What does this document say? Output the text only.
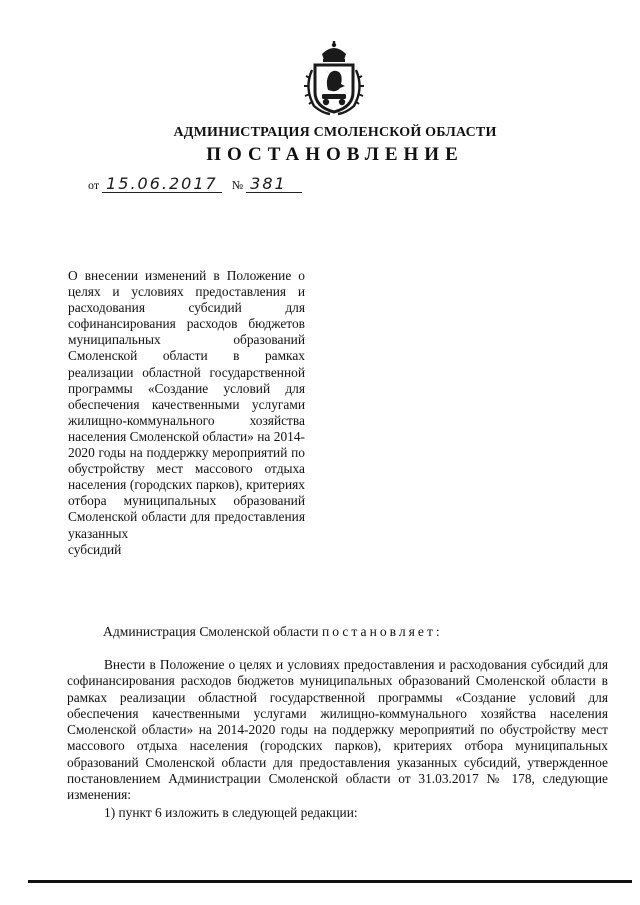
АДМИНИСТРАЦИЯ СМОЛЕНСКОЙ ОБЛАСТИ
ПОСТАНОВЛЕНИЕ
от 15.06.2017	№ 381
О внесении изменений в Положение о целях и условиях предоставления и расходования субсидий для софинансирования расходов бюджетов муниципальных образований Смоленской области в рамках реализации областной государственной программы «Создание условий для обеспечения качественными услугами жилищно-коммунального хозяйства населения Смоленской области» на 2014-2020 годы на поддержку мероприятий по обустройству мест массового отдыха населения (городских парков), критериях отбора муниципальных образований Смоленской области для предоставления указанных
субсидий
Администрация Смоленской области постановляет:
Внести в Положение о целях и условиях предоставления и расходования субсидий для софинансирования расходов бюджетов муниципальных образований Смоленской области в рамках реализации областной государственной программы «Создание условий для обеспечения качественными услугами жилищно-коммунального хозяйства населения Смоленской области» на 2014-2020 годы на поддержку мероприятий по обустройству мест массового отдыха населения (городских парков), критериях отбора муниципальных образований Смоленской области для предоставления указанных субсидий, утвержденное постановлением Администрации Смоленской области от 31.03.2017 № 178, следующие изменения:
1) пункт 6 изложить в следующей редакции:
